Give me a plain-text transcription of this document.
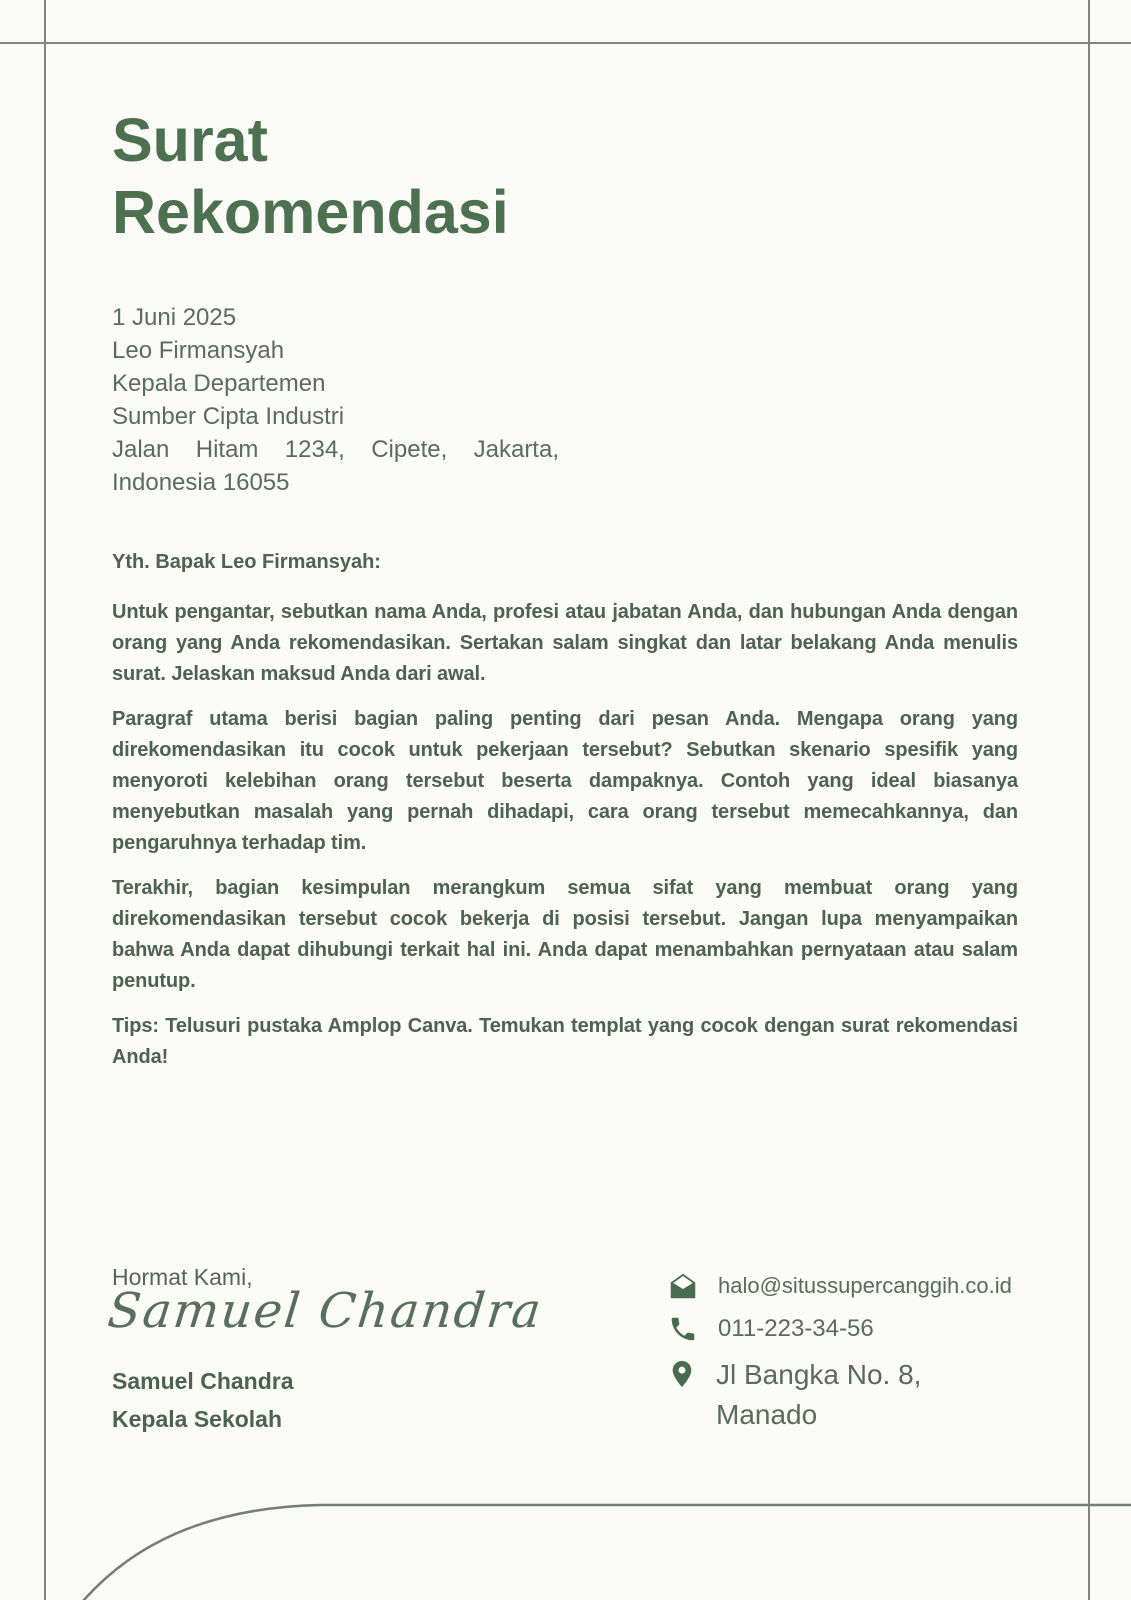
Surat
Rekomendasi
1 Juni 2025
Leo Firmansyah
Kepala Departemen
Sumber Cipta Industri
Jalan Hitam 1234, Cipete, Jakarta, Indonesia 16055
Yth. Bapak Leo Firmansyah:

Untuk pengantar, sebutkan nama Anda, profesi atau jabatan Anda, dan hubungan Anda dengan orang yang Anda rekomendasikan. Sertakan salam singkat dan latar belakang Anda menulis surat. Jelaskan maksud Anda dari awal.

Paragraf utama berisi bagian paling penting dari pesan Anda. Mengapa orang yang direkomendasikan itu cocok untuk pekerjaan tersebut? Sebutkan skenario spesifik yang menyoroti kelebihan orang tersebut beserta dampaknya. Contoh yang ideal biasanya menyebutkan masalah yang pernah dihadapi, cara orang tersebut memecahkannya, dan pengaruhnya terhadap tim.

Terakhir, bagian kesimpulan merangkum semua sifat yang membuat orang yang direkomendasikan tersebut cocok bekerja di posisi tersebut. Jangan lupa menyampaikan bahwa Anda dapat dihubungi terkait hal ini. Anda dapat menambahkan pernyataan atau salam penutup.

Tips: Telusuri pustaka Amplop Canva. Temukan templat yang cocok dengan surat rekomendasi Anda!

Hormat Kami,
Samuel Chandra
Samuel Chandra
Kepala Sekolah
halo@situssupercanggih.co.id
011-223-34-56
Jl Bangka No. 8,
Manado
